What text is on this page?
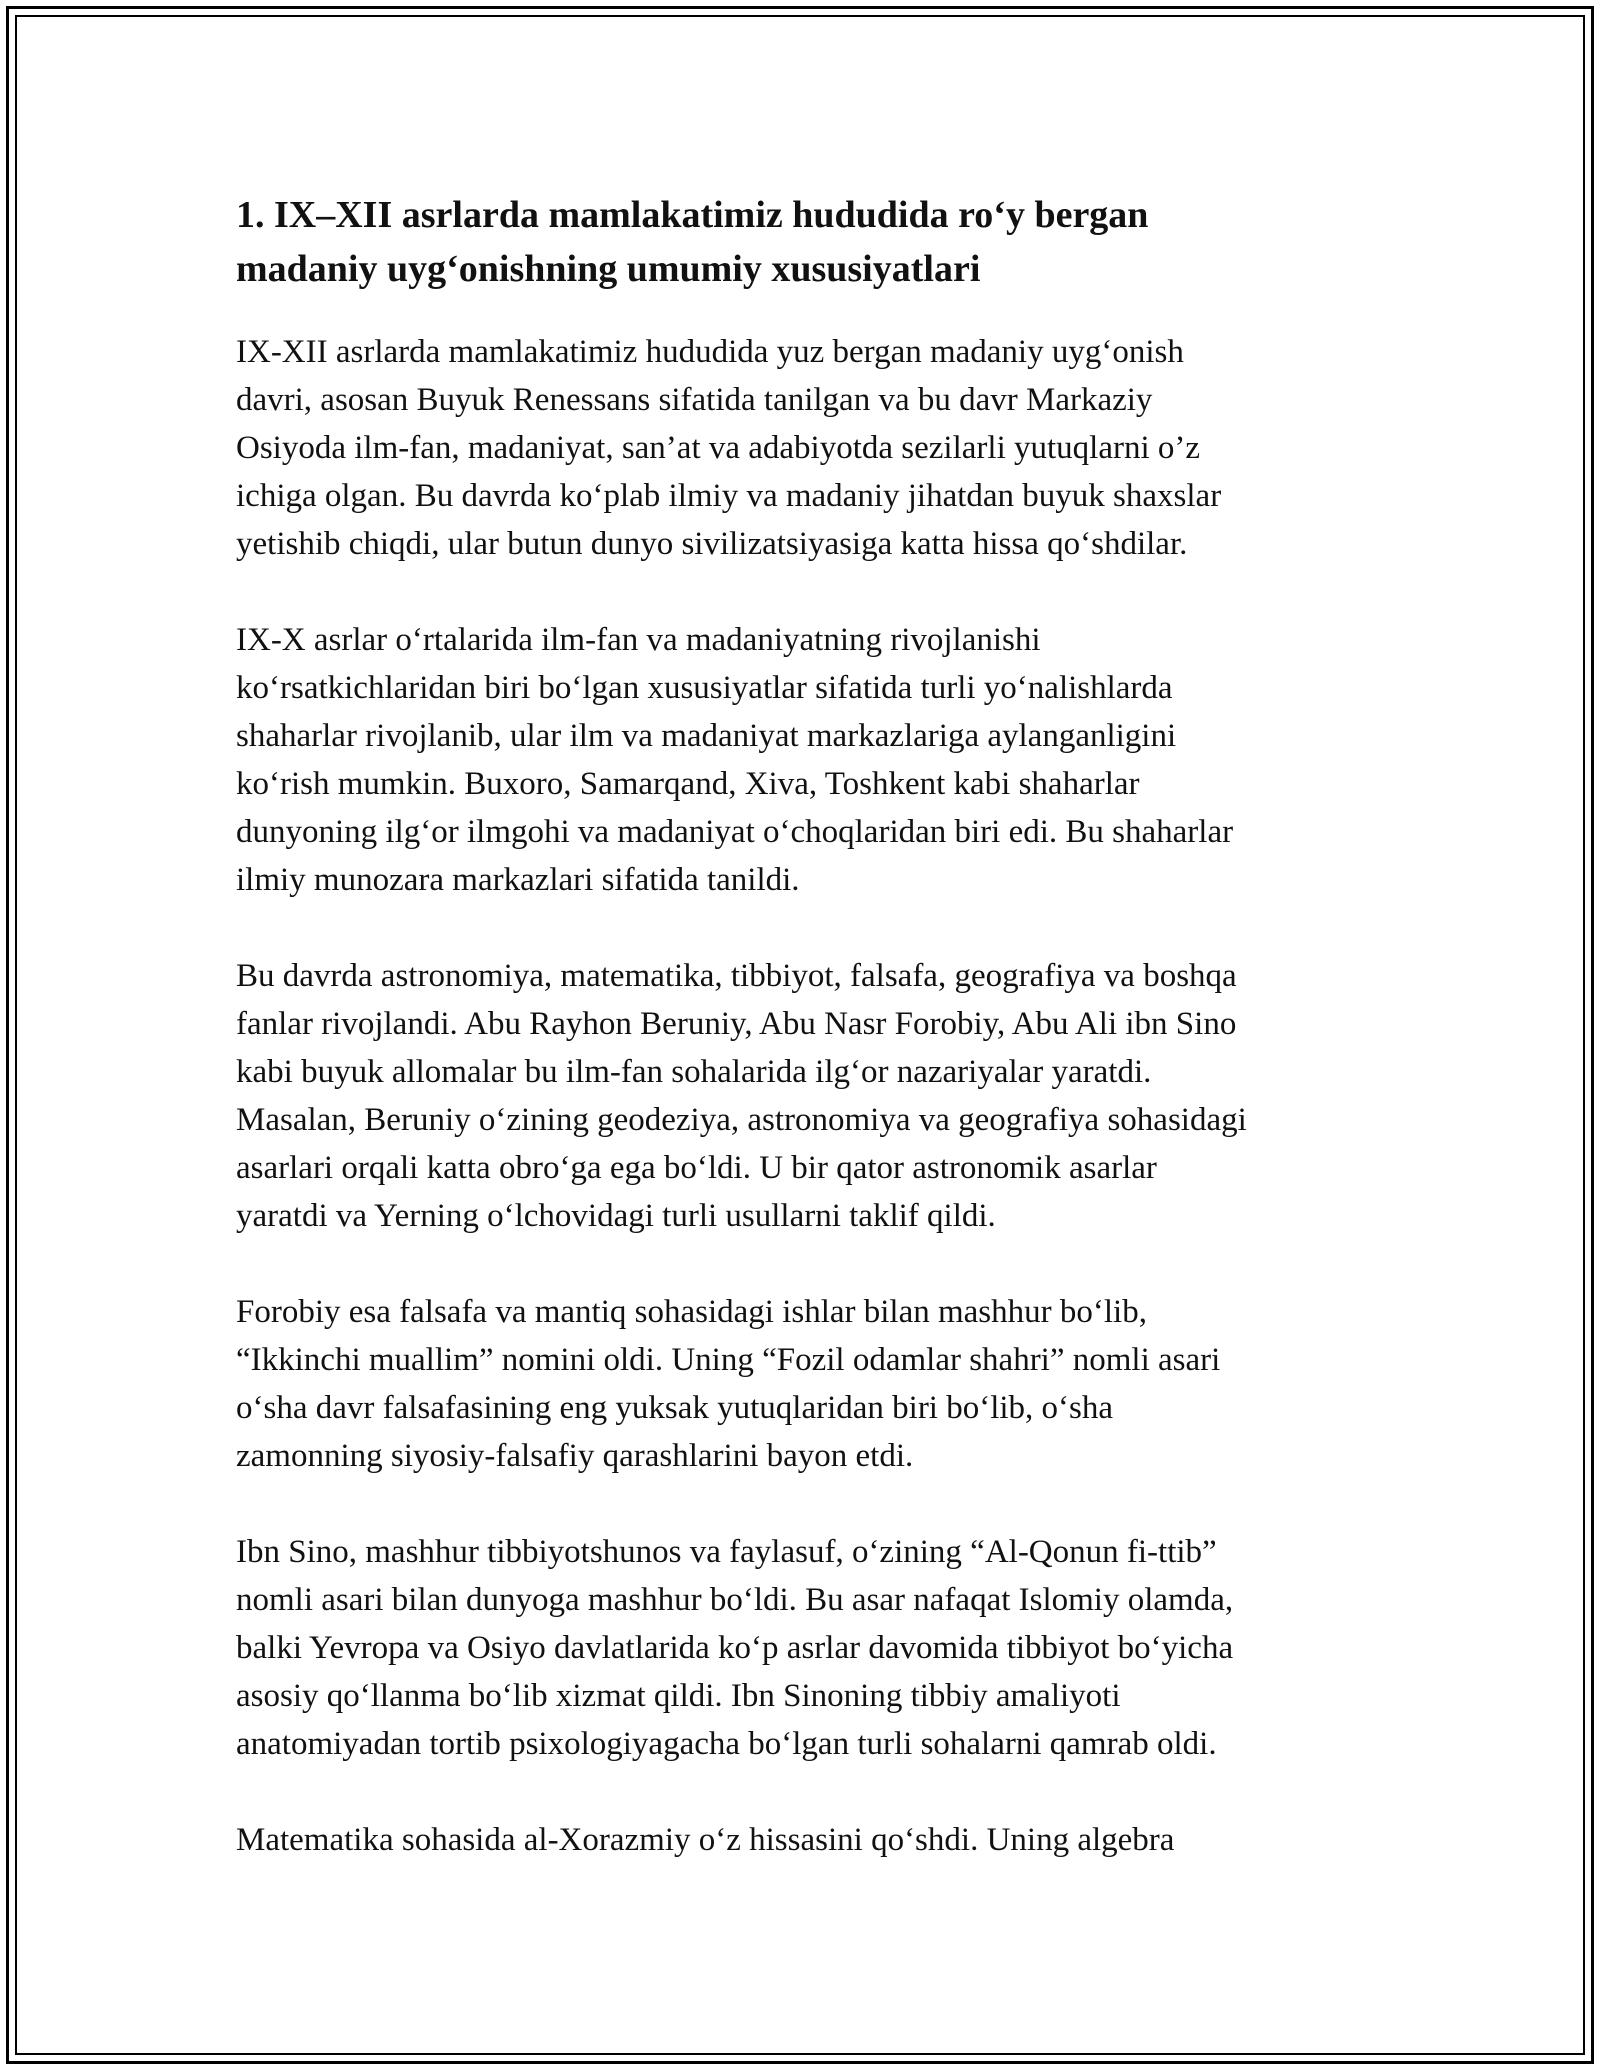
1. IX–XII asrlarda mamlakatimiz hududida ro‘y bergan
madaniy uyg‘onishning umumiy xususiyatlari

IX-XII asrlarda mamlakatimiz hududida yuz bergan madaniy uyg‘onish
davri, asosan Buyuk Renessans sifatida tanilgan va bu davr Markaziy
Osiyoda ilm-fan, madaniyat, san’at va adabiyotda sezilarli yutuqlarni o’z
ichiga olgan. Bu davrda ko‘plab ilmiy va madaniy jihatdan buyuk shaxslar
yetishib chiqdi, ular butun dunyo sivilizatsiyasiga katta hissa qo‘shdilar.

IX-X asrlar o‘rtalarida ilm-fan va madaniyatning rivojlanishi
ko‘rsatkichlaridan biri bo‘lgan xususiyatlar sifatida turli yo‘nalishlarda
shaharlar rivojlanib, ular ilm va madaniyat markazlariga aylanganligini
ko‘rish mumkin. Buxoro, Samarqand, Xiva, Toshkent kabi shaharlar
dunyoning ilg‘or ilmgohi va madaniyat o‘choqlaridan biri edi. Bu shaharlar
ilmiy munozara markazlari sifatida tanildi.

Bu davrda astronomiya, matematika, tibbiyot, falsafa, geografiya va boshqa
fanlar rivojlandi. Abu Rayhon Beruniy, Abu Nasr Forobiy, Abu Ali ibn Sino
kabi buyuk allomalar bu ilm-fan sohalarida ilg‘or nazariyalar yaratdi.
Masalan, Beruniy o‘zining geodeziya, astronomiya va geografiya sohasidagi
asarlari orqali katta obro‘ga ega bo‘ldi. U bir qator astronomik asarlar
yaratdi va Yerning o‘lchovidagi turli usullarni taklif qildi.

Forobiy esa falsafa va mantiq sohasidagi ishlar bilan mashhur bo‘lib,
“Ikkinchi muallim” nomini oldi. Uning “Fozil odamlar shahri” nomli asari
o‘sha davr falsafasining eng yuksak yutuqlaridan biri bo‘lib, o‘sha
zamonning siyosiy-falsafiy qarashlarini bayon etdi.

Ibn Sino, mashhur tibbiyotshunos va faylasuf, o‘zining “Al-Qonun fi-ttib”
nomli asari bilan dunyoga mashhur bo‘ldi. Bu asar nafaqat Islomiy olamda,
balki Yevropa va Osiyo davlatlarida ko‘p asrlar davomida tibbiyot bo‘yicha
asosiy qo‘llanma bo‘lib xizmat qildi. Ibn Sinoning tibbiy amaliyoti
anatomiyadan tortib psixologiyagacha bo‘lgan turli sohalarni qamrab oldi.

Matematika sohasida al-Xorazmiy o‘z hissasini qo‘shdi. Uning algebra
